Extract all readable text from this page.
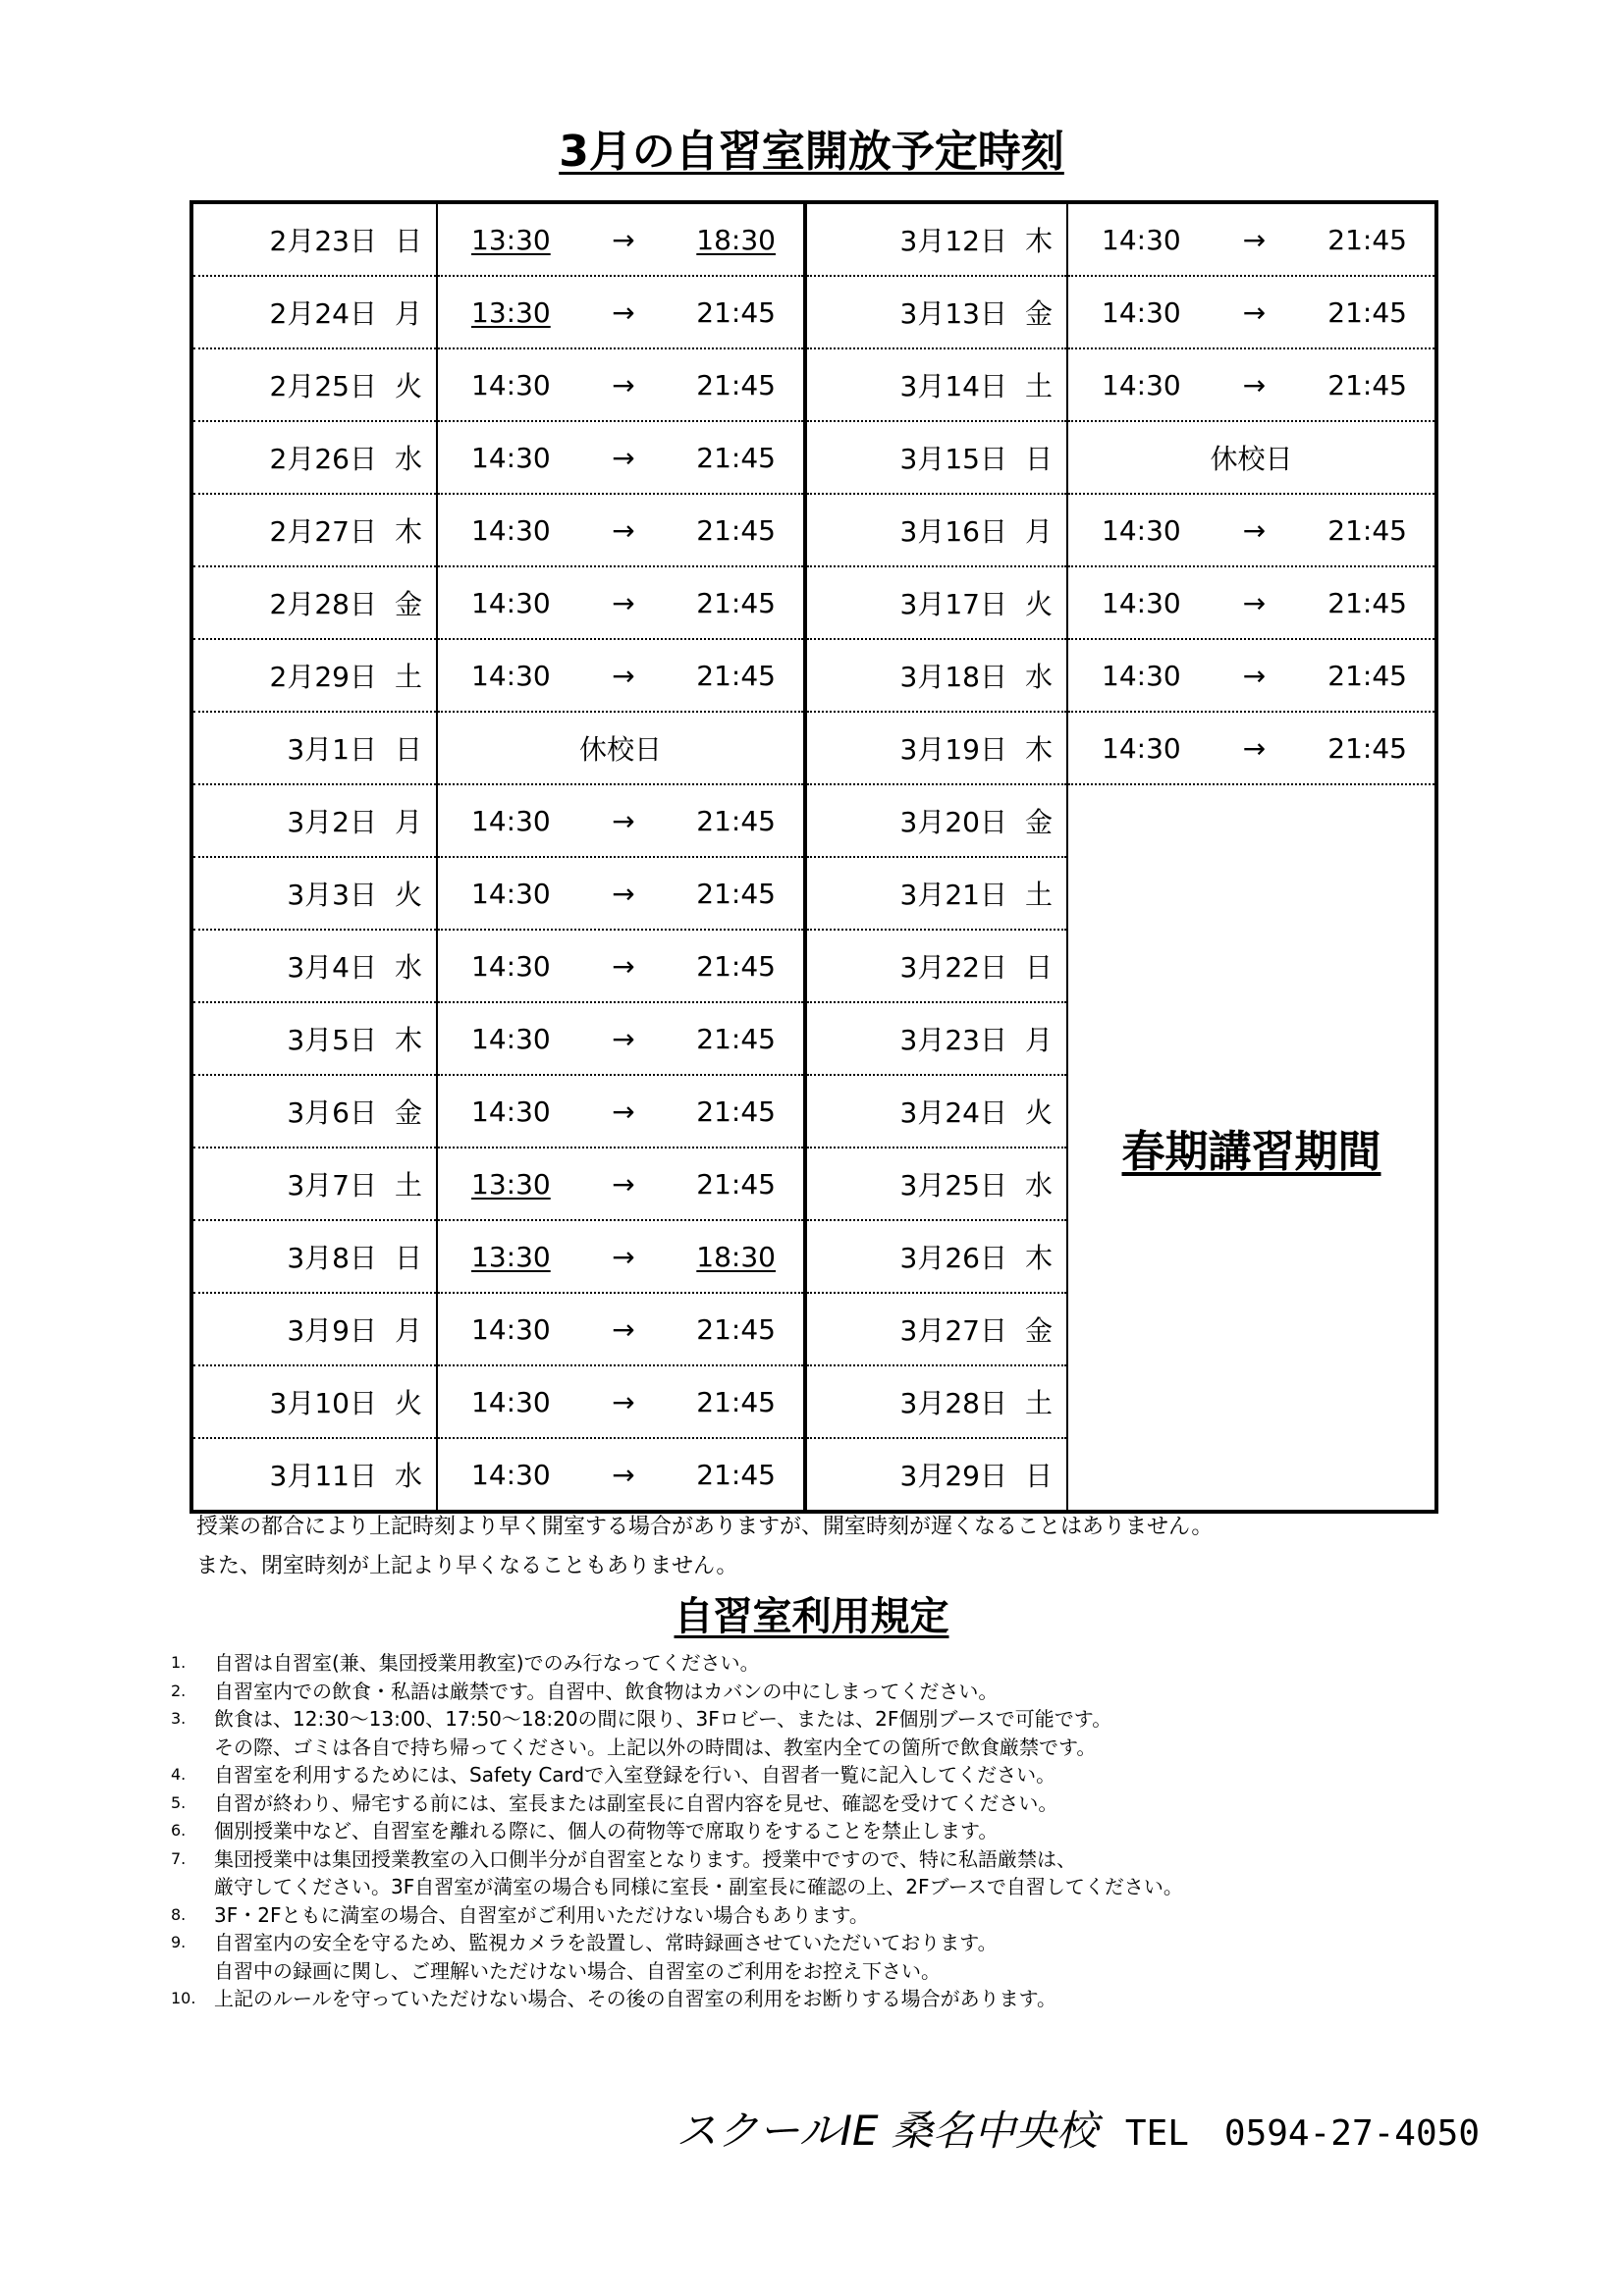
3月の自習室開放予定時刻
2月23日 日	13:30 → 18:30	3月12日 木	14:30 → 21:45

2月24日 月	13:30 → 21:45	3月13日 金	14:30 → 21:45

2月25日 火	14:30 → 21:45	3月14日 土	14:30 → 21:45

2月26日 水	14:30 → 21:45	3月15日 日	休校日

2月27日 木	14:30 → 21:45	3月16日 月	14:30 → 21:45

2月28日 金	14:30 → 21:45	3月17日 火	14:30 → 21:45

2月29日 土	14:30 → 21:45	3月18日 水	14:30 → 21:45

3月1日 日	休校日	3月19日 木	14:30 → 21:45

3月2日 月	14:30 → 21:45	3月20日 金	春期講習期間
3月3日 火	14:30 → 21:45	3月21日 土	
3月4日 水	14:30 → 21:45	3月22日 日	
3月5日 木	14:30 → 21:45	3月23日 月	
3月6日 金	14:30 → 21:45	3月24日 火	
3月7日 土	13:30 → 21:45	3月25日 水	
3月8日 日	13:30 → 18:30	3月26日 木	
3月9日 月	14:30 → 21:45	3月27日 金	
3月10日 火	14:30 → 21:45	3月28日 土	
3月11日 水	14:30 → 21:45	3月29日 日	
授業の都合により上記時刻より早く開室する場合がありますが、開室時刻が遅くなることはありません。
また、閉室時刻が上記より早くなることもありません。
自習室利用規定
1. 自習は自習室(兼、集団授業用教室)でのみ行なってください。
2. 自習室内での飲食・私語は厳禁です。自習中、飲食物はカバンの中にしまってください。
3. 飲食は、12:30～13:00、17:50～18:20の間に限り、3Fロビー、または、2F個別ブースで可能です。
その際、ゴミは各自で持ち帰ってください。上記以外の時間は、教室内全ての箇所で飲食厳禁です。
4. 自習室を利用するためには、Safety Cardで入室登録を行い、自習者一覧に記入してください。
5. 自習が終わり、帰宅する前には、室長または副室長に自習内容を見せ、確認を受けてください。
6. 個別授業中など、自習室を離れる際に、個人の荷物等で席取りをすることを禁止します。
7. 集団授業中は集団授業教室の入口側半分が自習室となります。授業中ですので、特に私語厳禁は、
厳守してください。3F自習室が満室の場合も同様に室長・副室長に確認の上、2Fブースで自習してください。
8. 3F・2Fともに満室の場合、自習室がご利用いただけない場合もあります。
9. 自習室内の安全を守るため、監視カメラを設置し、常時録画させていただいております。
自習中の録画に関し、ご理解いただけない場合、自習室のご利用をお控え下さい。
10. 上記のルールを守っていただけない場合、その後の自習室の利用をお断りする場合があります。
スクールIE 桑名中央校 TEL　0594-27-4050
